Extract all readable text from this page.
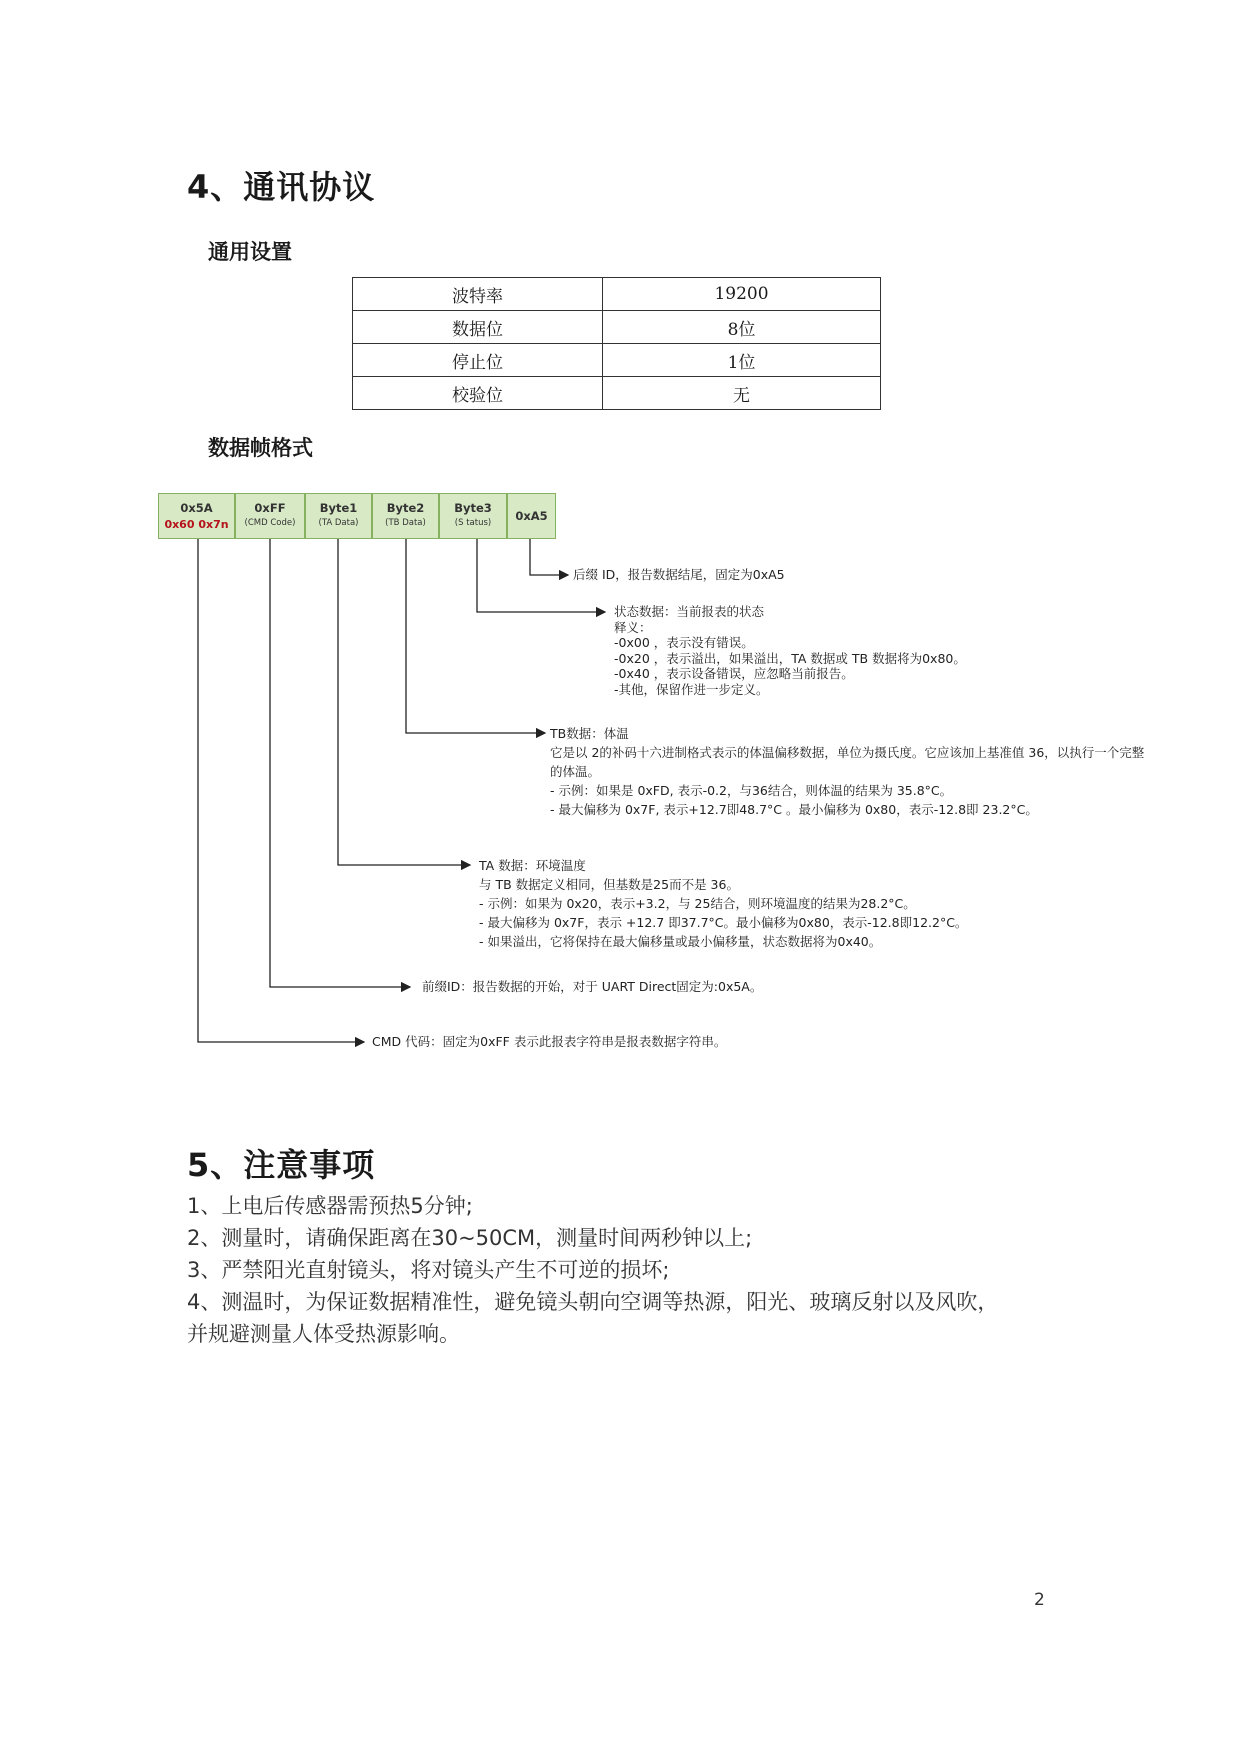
4、通讯协议
通用设置
波特率	19200
数据位	8位
停止位	1位
校验位	无
数据帧格式
0x5A
0x60 0x7n
0xFF
(CMD Code)
Byte1
(TA Data)
Byte2
(TB Data)
Byte3
(S tatus)	0xA5

后缀 ID，报告数据结尾，固定为0xA5

状态数据：当前报表的状态

释义：

-0x00 ，表示没有错误。

-0x20 ，表示溢出，如果溢出，TA 数据或 TB 数据将为0x80。

-0x40 ，表示设备错误，应忽略当前报告。

-其他，保留作进一步定义。

TB数据：体温

它是以 2的补码十六进制格式表示的体温偏移数据，单位为摄氏度。它应该加上基准值 36，以执行一个完整

的体温。

- 示例：如果是 0xFD, 表示-0.2，与36结合，则体温的结果为 35.8°C。

- 最大偏移为 0x7F, 表示+12.7即48.7°C 。最小偏移为 0x80，表示-12.8即 23.2°C。

TA 数据：环境温度

与 TB 数据定义相同，但基数是25而不是 36。

- 示例：如果为 0x20，表示+3.2，与 25结合，则环境温度的结果为28.2°C。

- 最大偏移为 0x7F，表示 +12.7 即37.7°C。最小偏移为0x80，表示-12.8即12.2°C。

- 如果溢出，它将保持在最大偏移量或最小偏移量，状态数据将为0x40。

前缀ID：报告数据的开始，对于 UART Direct固定为:0x5A。

CMD 代码：固定为0xFF 表示此报表字符串是报表数据字符串。

5、注意事项

1、上电后传感器需预热5分钟;

2、测量时，请确保距离在30~50CM，测量时间两秒钟以上;

3、严禁阳光直射镜头，将对镜头产生不可逆的损坏;

4、测温时，为保证数据精准性，避免镜头朝向空调等热源，阳光、玻璃反射以及风吹，

并规避测量人体受热源影响。

2
